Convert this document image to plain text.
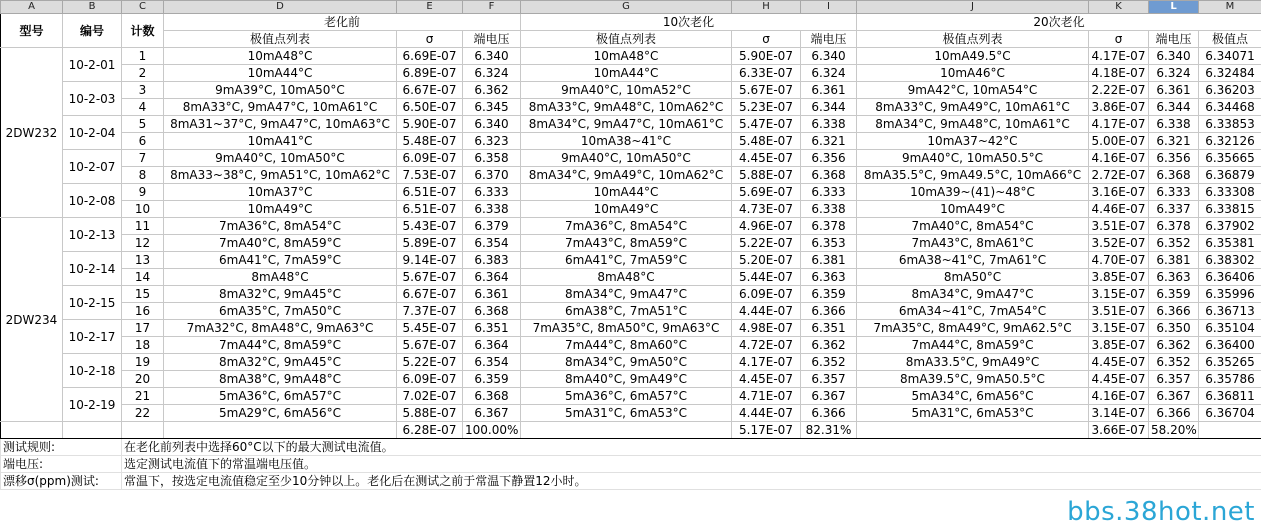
A	B	C	D	E	F	G	H	I	J	K	L	M
型号	编号	计数	老化前			10次老化			20次老化			
			极值点列表	σ	端电压	极值点列表	σ	端电压	极值点列表	σ	端电压	极值点
2DW232	10-2-01	1	10mA48°C	6.69E-07	6.340	10mA48°C	5.90E-07	6.340	10mA49.5°C	4.17E-07	6.340	6.34071
		2	10mA44°C	6.89E-07	6.324	10mA44°C	6.33E-07	6.324	10mA46°C	4.18E-07	6.324	6.32484
	10-2-03	3	9mA39°C, 10mA50°C	6.67E-07	6.362	9mA40°C, 10mA52°C	5.67E-07	6.361	9mA42°C, 10mA54°C	2.22E-07	6.361	6.36203
		4	8mA33°C, 9mA47°C, 10mA61°C	6.50E-07	6.345	8mA33°C, 9mA48°C, 10mA62°C	5.23E-07	6.344	8mA33°C, 9mA49°C, 10mA61°C	3.86E-07	6.344	6.34468
	10-2-04	5	8mA31~37°C, 9mA47°C, 10mA63°C	5.90E-07	6.340	8mA34°C, 9mA47°C, 10mA61°C	5.47E-07	6.338	8mA34°C, 9mA48°C, 10mA61°C	4.17E-07	6.338	6.33853
		6	10mA41°C	5.48E-07	6.323	10mA38~41°C	5.48E-07	6.321	10mA37~42°C	5.00E-07	6.321	6.32126
	10-2-07	7	9mA40°C, 10mA50°C	6.09E-07	6.358	9mA40°C, 10mA50°C	4.45E-07	6.356	9mA40°C, 10mA50.5°C	4.16E-07	6.356	6.35665
		8	8mA33~38°C, 9mA51°C, 10mA62°C	7.53E-07	6.370	8mA34°C, 9mA49°C, 10mA62°C	5.88E-07	6.368	8mA35.5°C, 9mA49.5°C, 10mA66°C	2.72E-07	6.368	6.36879
	10-2-08	9	10mA37°C	6.51E-07	6.333	10mA44°C	5.69E-07	6.333	10mA39~(41)~48°C	3.16E-07	6.333	6.33308
		10	10mA49°C	6.51E-07	6.338	10mA49°C	4.73E-07	6.338	10mA49°C	4.46E-07	6.337	6.33815
2DW234	10-2-13	11	7mA36°C, 8mA54°C	5.43E-07	6.379	7mA36°C, 8mA54°C	4.96E-07	6.378	7mA40°C, 8mA54°C	3.51E-07	6.378	6.37902
		12	7mA40°C, 8mA59°C	5.89E-07	6.354	7mA43°C, 8mA59°C	5.22E-07	6.353	7mA43°C, 8mA61°C	3.52E-07	6.352	6.35381
	10-2-14	13	6mA41°C, 7mA59°C	9.14E-07	6.383	6mA41°C, 7mA59°C	5.20E-07	6.381	6mA38~41°C, 7mA61°C	4.70E-07	6.381	6.38302
		14	8mA48°C	5.67E-07	6.364	8mA48°C	5.44E-07	6.363	8mA50°C	3.85E-07	6.363	6.36406
	10-2-15	15	8mA32°C, 9mA45°C	6.67E-07	6.361	8mA34°C, 9mA47°C	6.09E-07	6.359	8mA34°C, 9mA47°C	3.15E-07	6.359	6.35996
		16	6mA35°C, 7mA50°C	7.37E-07	6.368	6mA38°C, 7mA51°C	4.44E-07	6.366	6mA34~41°C, 7mA54°C	3.51E-07	6.366	6.36713
	10-2-17	17	7mA32°C, 8mA48°C, 9mA63°C	5.45E-07	6.351	7mA35°C, 8mA50°C, 9mA63°C	4.98E-07	6.351	7mA35°C, 8mA49°C, 9mA62.5°C	3.15E-07	6.350	6.35104
		18	7mA44°C, 8mA59°C	5.67E-07	6.364	7mA44°C, 8mA60°C	4.72E-07	6.362	7mA44°C, 8mA59°C	3.85E-07	6.362	6.36400
	10-2-18	19	8mA32°C, 9mA45°C	5.22E-07	6.354	8mA34°C, 9mA50°C	4.17E-07	6.352	8mA33.5°C, 9mA49°C	4.45E-07	6.352	6.35265
		20	8mA38°C, 9mA48°C	6.09E-07	6.359	8mA40°C, 9mA49°C	4.45E-07	6.357	8mA39.5°C, 9mA50.5°C	4.45E-07	6.357	6.35786
	10-2-19	21	5mA36°C, 6mA57°C	7.02E-07	6.368	5mA36°C, 6mA57°C	4.71E-07	6.367	5mA34°C, 6mA56°C	4.16E-07	6.367	6.36811
		22	5mA29°C, 6mA56°C	5.88E-07	6.367	5mA31°C, 6mA53°C	4.44E-07	6.366	5mA31°C, 6mA53°C	3.14E-07	6.366	6.36704
				6.28E-07	100.00%		5.17E-07	82.31%		3.66E-07	58.20%	
测试规则:		在老化前列表中选择60°C以下的最大测试电流值。										
端电压:		选定测试电流值下的常温端电压值。										
漂移σ(ppm)测试:		常温下，按选定电流值稳定至少10分钟以上。老化后在测试之前于常温下静置12小时。										
bbs.38hot.net
